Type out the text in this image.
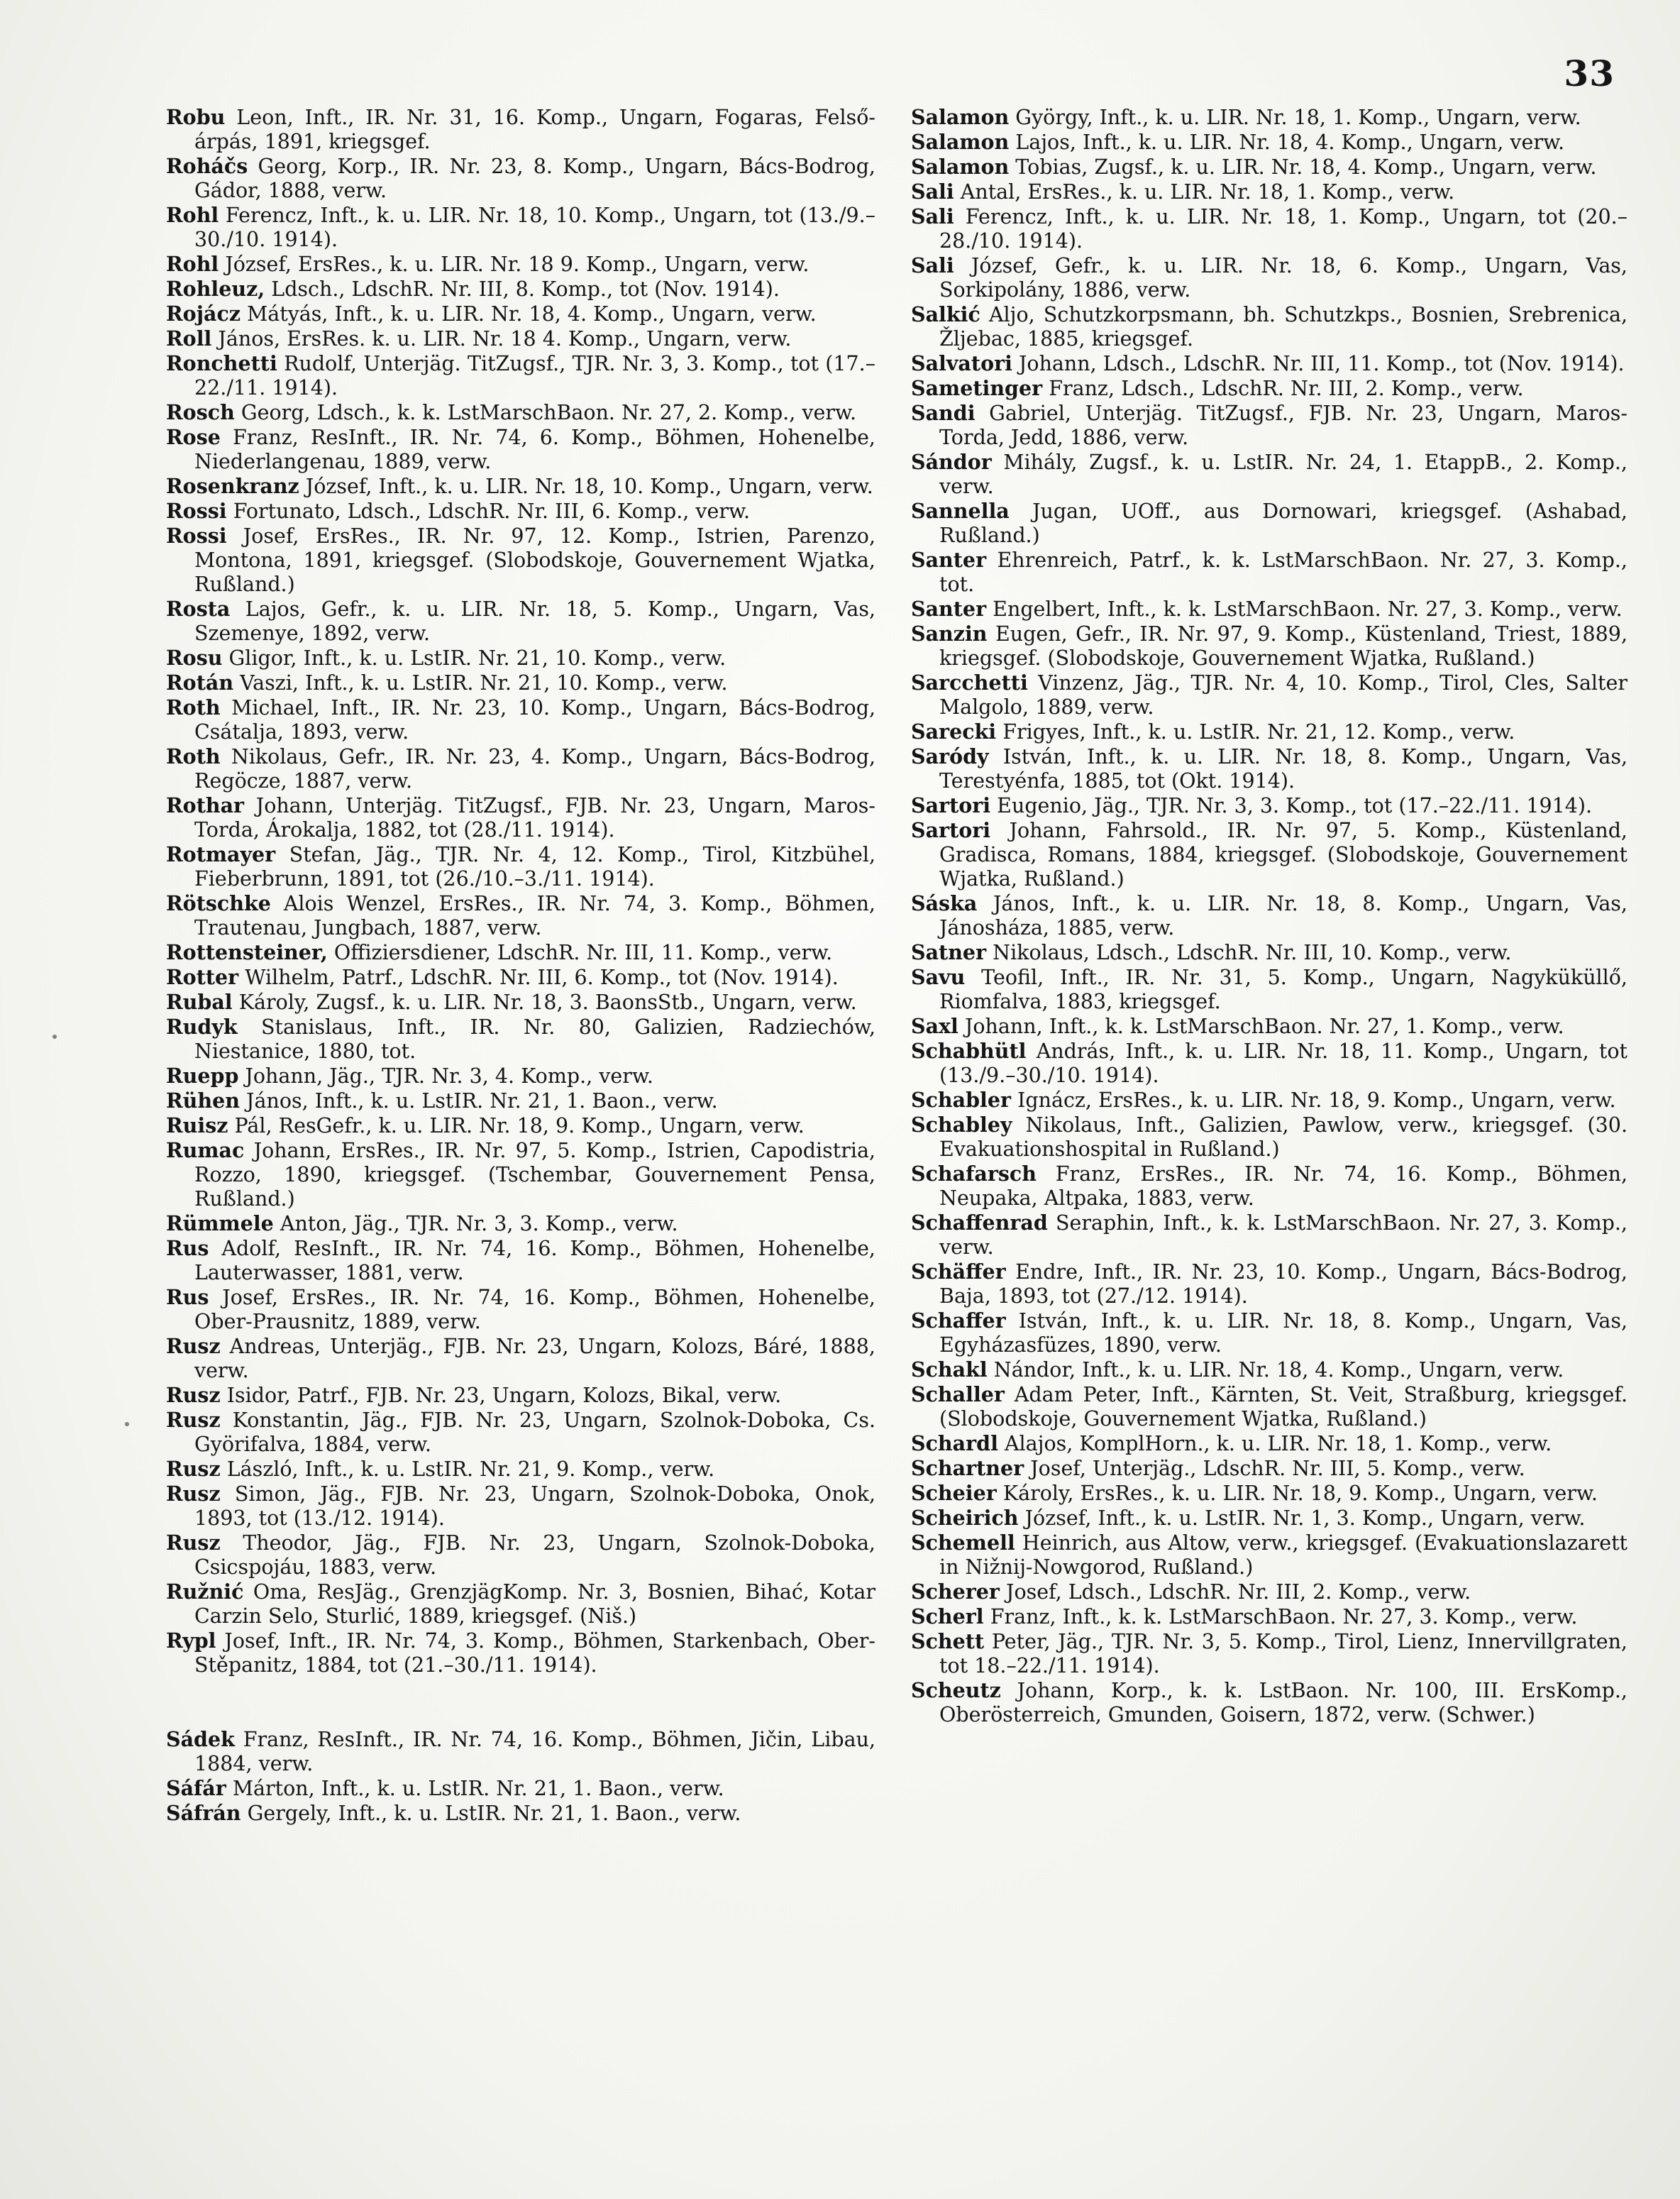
33

Robu Leon, Inft., IR. Nr. 31, 16. Komp., Ungarn, Fogaras, Felső-árpás, 1891, kriegsgef.

Roháčs Georg, Korp., IR. Nr. 23, 8. Komp., Ungarn, Bács-Bodrog, Gádor, 1888, verw.

Rohl Ferencz, Inft., k. u. LIR. Nr. 18, 10. Komp., Ungarn, tot (13./9.–30./10. 1914).

Rohl József, ErsRes., k. u. LIR. Nr. 18 9. Komp., Ungarn, verw.

Rohleuz, Ldsch., LdschR. Nr. III, 8. Komp., tot (Nov. 1914).

Rojácz Mátyás, Inft., k. u. LIR. Nr. 18, 4. Komp., Ungarn, verw.

Roll János, ErsRes. k. u. LIR. Nr. 18 4. Komp., Ungarn, verw.

Ronchetti Rudolf, Unterjäg. TitZugsf., TJR. Nr. 3, 3. Komp., tot (17.–22./11. 1914).

Rosch Georg, Ldsch., k. k. LstMarschBaon. Nr. 27, 2. Komp., verw.

Rose Franz, ResInft., IR. Nr. 74, 6. Komp., Böhmen, Hohenelbe, Niederlangenau, 1889, verw.

Rosenkranz József, Inft., k. u. LIR. Nr. 18, 10. Komp., Ungarn, verw.

Rossi Fortunato, Ldsch., LdschR. Nr. III, 6. Komp., verw.

Rossi Josef, ErsRes., IR. Nr. 97, 12. Komp., Istrien, Parenzo, Montona, 1891, kriegsgef. (Slobodskoje, Gouvernement Wjatka, Rußland.)

Rosta Lajos, Gefr., k. u. LIR. Nr. 18, 5. Komp., Ungarn, Vas, Szemenye, 1892, verw.

Rosu Gligor, Inft., k. u. LstIR. Nr. 21, 10. Komp., verw.

Rotán Vaszi, Inft., k. u. LstIR. Nr. 21, 10. Komp., verw.

Roth Michael, Inft., IR. Nr. 23, 10. Komp., Ungarn, Bács-Bodrog, Csátalja, 1893, verw.

Roth Nikolaus, Gefr., IR. Nr. 23, 4. Komp., Ungarn, Bács-Bodrog, Regöcze, 1887, verw.

Rothar Johann, Unterjäg. TitZugsf., FJB. Nr. 23, Ungarn, Maros-Torda, Árokalja, 1882, tot (28./11. 1914).

Rotmayer Stefan, Jäg., TJR. Nr. 4, 12. Komp., Tirol, Kitzbühel, Fieberbrunn, 1891, tot (26./10.–3./11. 1914).

Rötschke Alois Wenzel, ErsRes., IR. Nr. 74, 3. Komp., Böhmen, Trautenau, Jungbach, 1887, verw.

Rottensteiner, Offiziersdiener, LdschR. Nr. III, 11. Komp., verw.

Rotter Wilhelm, Patrf., LdschR. Nr. III, 6. Komp., tot (Nov. 1914).

Rubal Károly, Zugsf., k. u. LIR. Nr. 18, 3. BaonsStb., Ungarn, verw.

Rudyk Stanislaus, Inft., IR. Nr. 80, Galizien, Radziechów, Niestanice, 1880, tot.

Ruepp Johann, Jäg., TJR. Nr. 3, 4. Komp., verw.

Rühen János, Inft., k. u. LstIR. Nr. 21, 1. Baon., verw.

Ruisz Pál, ResGefr., k. u. LIR. Nr. 18, 9. Komp., Ungarn, verw.

Rumac Johann, ErsRes., IR. Nr. 97, 5. Komp., Istrien, Capodistria, Rozzo, 1890, kriegsgef. (Tschembar, Gouvernement Pensa, Rußland.)

Rümmele Anton, Jäg., TJR. Nr. 3, 3. Komp., verw.

Rus Adolf, ResInft., IR. Nr. 74, 16. Komp., Böhmen, Hohenelbe, Lauterwasser, 1881, verw.

Rus Josef, ErsRes., IR. Nr. 74, 16. Komp., Böhmen, Hohenelbe, Ober-Prausnitz, 1889, verw.

Rusz Andreas, Unterjäg., FJB. Nr. 23, Ungarn, Kolozs, Báré, 1888, verw.

Rusz Isidor, Patrf., FJB. Nr. 23, Ungarn, Kolozs, Bikal, verw.

Rusz Konstantin, Jäg., FJB. Nr. 23, Ungarn, Szolnok-Doboka, Cs. Györifalva, 1884, verw.

Rusz László, Inft., k. u. LstIR. Nr. 21, 9. Komp., verw.

Rusz Simon, Jäg., FJB. Nr. 23, Ungarn, Szolnok-Doboka, Onok, 1893, tot (13./12. 1914).

Rusz Theodor, Jäg., FJB. Nr. 23, Ungarn, Szolnok-Doboka, Csicspojáu, 1883, verw.

Ružnić Oma, ResJäg., GrenzjägKomp. Nr. 3, Bosnien, Bihać, Kotar Carzin Selo, Sturlić, 1889, kriegsgef. (Niš.)

Rypl Josef, Inft., IR. Nr. 74, 3. Komp., Böhmen, Starkenbach, Ober-Stěpanitz, 1884, tot (21.–30./11. 1914).

Sádek Franz, ResInft., IR. Nr. 74, 16. Komp., Böhmen, Jičin, Libau, 1884, verw.

Sáfár Márton, Inft., k. u. LstIR. Nr. 21, 1. Baon., verw.

Sáfrán Gergely, Inft., k. u. LstIR. Nr. 21, 1. Baon., verw.

Salamon György, Inft., k. u. LIR. Nr. 18, 1. Komp., Ungarn, verw.

Salamon Lajos, Inft., k. u. LIR. Nr. 18, 4. Komp., Ungarn, verw.

Salamon Tobias, Zugsf., k. u. LIR. Nr. 18, 4. Komp., Ungarn, verw.

Sali Antal, ErsRes., k. u. LIR. Nr. 18, 1. Komp., verw.

Sali Ferencz, Inft., k. u. LIR. Nr. 18, 1. Komp., Ungarn, tot (20.–28./10. 1914).

Sali József, Gefr., k. u. LIR. Nr. 18, 6. Komp., Ungarn, Vas, Sorkipolány, 1886, verw.

Salkić Aljo, Schutzkorpsmann, bh. Schutzkps., Bosnien, Srebrenica, Žljebac, 1885, kriegsgef.

Salvatori Johann, Ldsch., LdschR. Nr. III, 11. Komp., tot (Nov. 1914).

Sametinger Franz, Ldsch., LdschR. Nr. III, 2. Komp., verw.

Sandi Gabriel, Unterjäg. TitZugsf., FJB. Nr. 23, Ungarn, Maros-Torda, Jedd, 1886, verw.

Sándor Mihály, Zugsf., k. u. LstIR. Nr. 24, 1. EtappB., 2. Komp., verw.

Sannella Jugan, UOff., aus Dornowari, kriegsgef. (Ashabad, Rußland.)

Santer Ehrenreich, Patrf., k. k. LstMarschBaon. Nr. 27, 3. Komp., tot.

Santer Engelbert, Inft., k. k. LstMarschBaon. Nr. 27, 3. Komp., verw.

Sanzin Eugen, Gefr., IR. Nr. 97, 9. Komp., Küstenland, Triest, 1889, kriegsgef. (Slobodskoje, Gouvernement Wjatka, Rußland.)

Sarcchetti Vinzenz, Jäg., TJR. Nr. 4, 10. Komp., Tirol, Cles, Salter Malgolo, 1889, verw.

Sarecki Frigyes, Inft., k. u. LstIR. Nr. 21, 12. Komp., verw.

Saródy István, Inft., k. u. LIR. Nr. 18, 8. Komp., Ungarn, Vas, Terestyénfa, 1885, tot (Okt. 1914).

Sartori Eugenio, Jäg., TJR. Nr. 3, 3. Komp., tot (17.–22./11. 1914).

Sartori Johann, Fahrsold., IR. Nr. 97, 5. Komp., Küstenland, Gradisca, Romans, 1884, kriegsgef. (Slobodskoje, Gouvernement Wjatka, Rußland.)

Sáska János, Inft., k. u. LIR. Nr. 18, 8. Komp., Ungarn, Vas, Jánosháza, 1885, verw.

Satner Nikolaus, Ldsch., LdschR. Nr. III, 10. Komp., verw.

Savu Teofil, Inft., IR. Nr. 31, 5. Komp., Ungarn, Nagyküküllő, Riomfalva, 1883, kriegsgef.

Saxl Johann, Inft., k. k. LstMarschBaon. Nr. 27, 1. Komp., verw.

Schabhütl András, Inft., k. u. LIR. Nr. 18, 11. Komp., Ungarn, tot (13./9.–30./10. 1914).

Schabler Ignácz, ErsRes., k. u. LIR. Nr. 18, 9. Komp., Ungarn, verw.

Schabley Nikolaus, Inft., Galizien, Pawlow, verw., kriegsgef. (30. Evakuationshospital in Rußland.)

Schafarsch Franz, ErsRes., IR. Nr. 74, 16. Komp., Böhmen, Neupaka, Altpaka, 1883, verw.

Schaffenrad Seraphin, Inft., k. k. LstMarschBaon. Nr. 27, 3. Komp., verw.

Schäffer Endre, Inft., IR. Nr. 23, 10. Komp., Ungarn, Bács-Bodrog, Baja, 1893, tot (27./12. 1914).

Schaffer István, Inft., k. u. LIR. Nr. 18, 8. Komp., Ungarn, Vas, Egyházasfüzes, 1890, verw.

Schakl Nándor, Inft., k. u. LIR. Nr. 18, 4. Komp., Ungarn, verw.

Schaller Adam Peter, Inft., Kärnten, St. Veit, Straßburg, kriegsgef. (Slobodskoje, Gouvernement Wjatka, Rußland.)

Schardl Alajos, KomplHorn., k. u. LIR. Nr. 18, 1. Komp., verw.

Schartner Josef, Unterjäg., LdschR. Nr. III, 5. Komp., verw.

Scheier Károly, ErsRes., k. u. LIR. Nr. 18, 9. Komp., Ungarn, verw.

Scheirich József, Inft., k. u. LstIR. Nr. 1, 3. Komp., Ungarn, verw.

Schemell Heinrich, aus Altow, verw., kriegsgef. (Evakuationslazarett in Nižnij-Nowgorod, Rußland.)

Scherer Josef, Ldsch., LdschR. Nr. III, 2. Komp., verw.

Scherl Franz, Inft., k. k. LstMarschBaon. Nr. 27, 3. Komp., verw.

Schett Peter, Jäg., TJR. Nr. 3, 5. Komp., Tirol, Lienz, Innervillgraten, tot 18.–22./11. 1914).

Scheutz Johann, Korp., k. k. LstBaon. Nr. 100, III. ErsKomp., Oberösterreich, Gmunden, Goisern, 1872, verw. (Schwer.)
